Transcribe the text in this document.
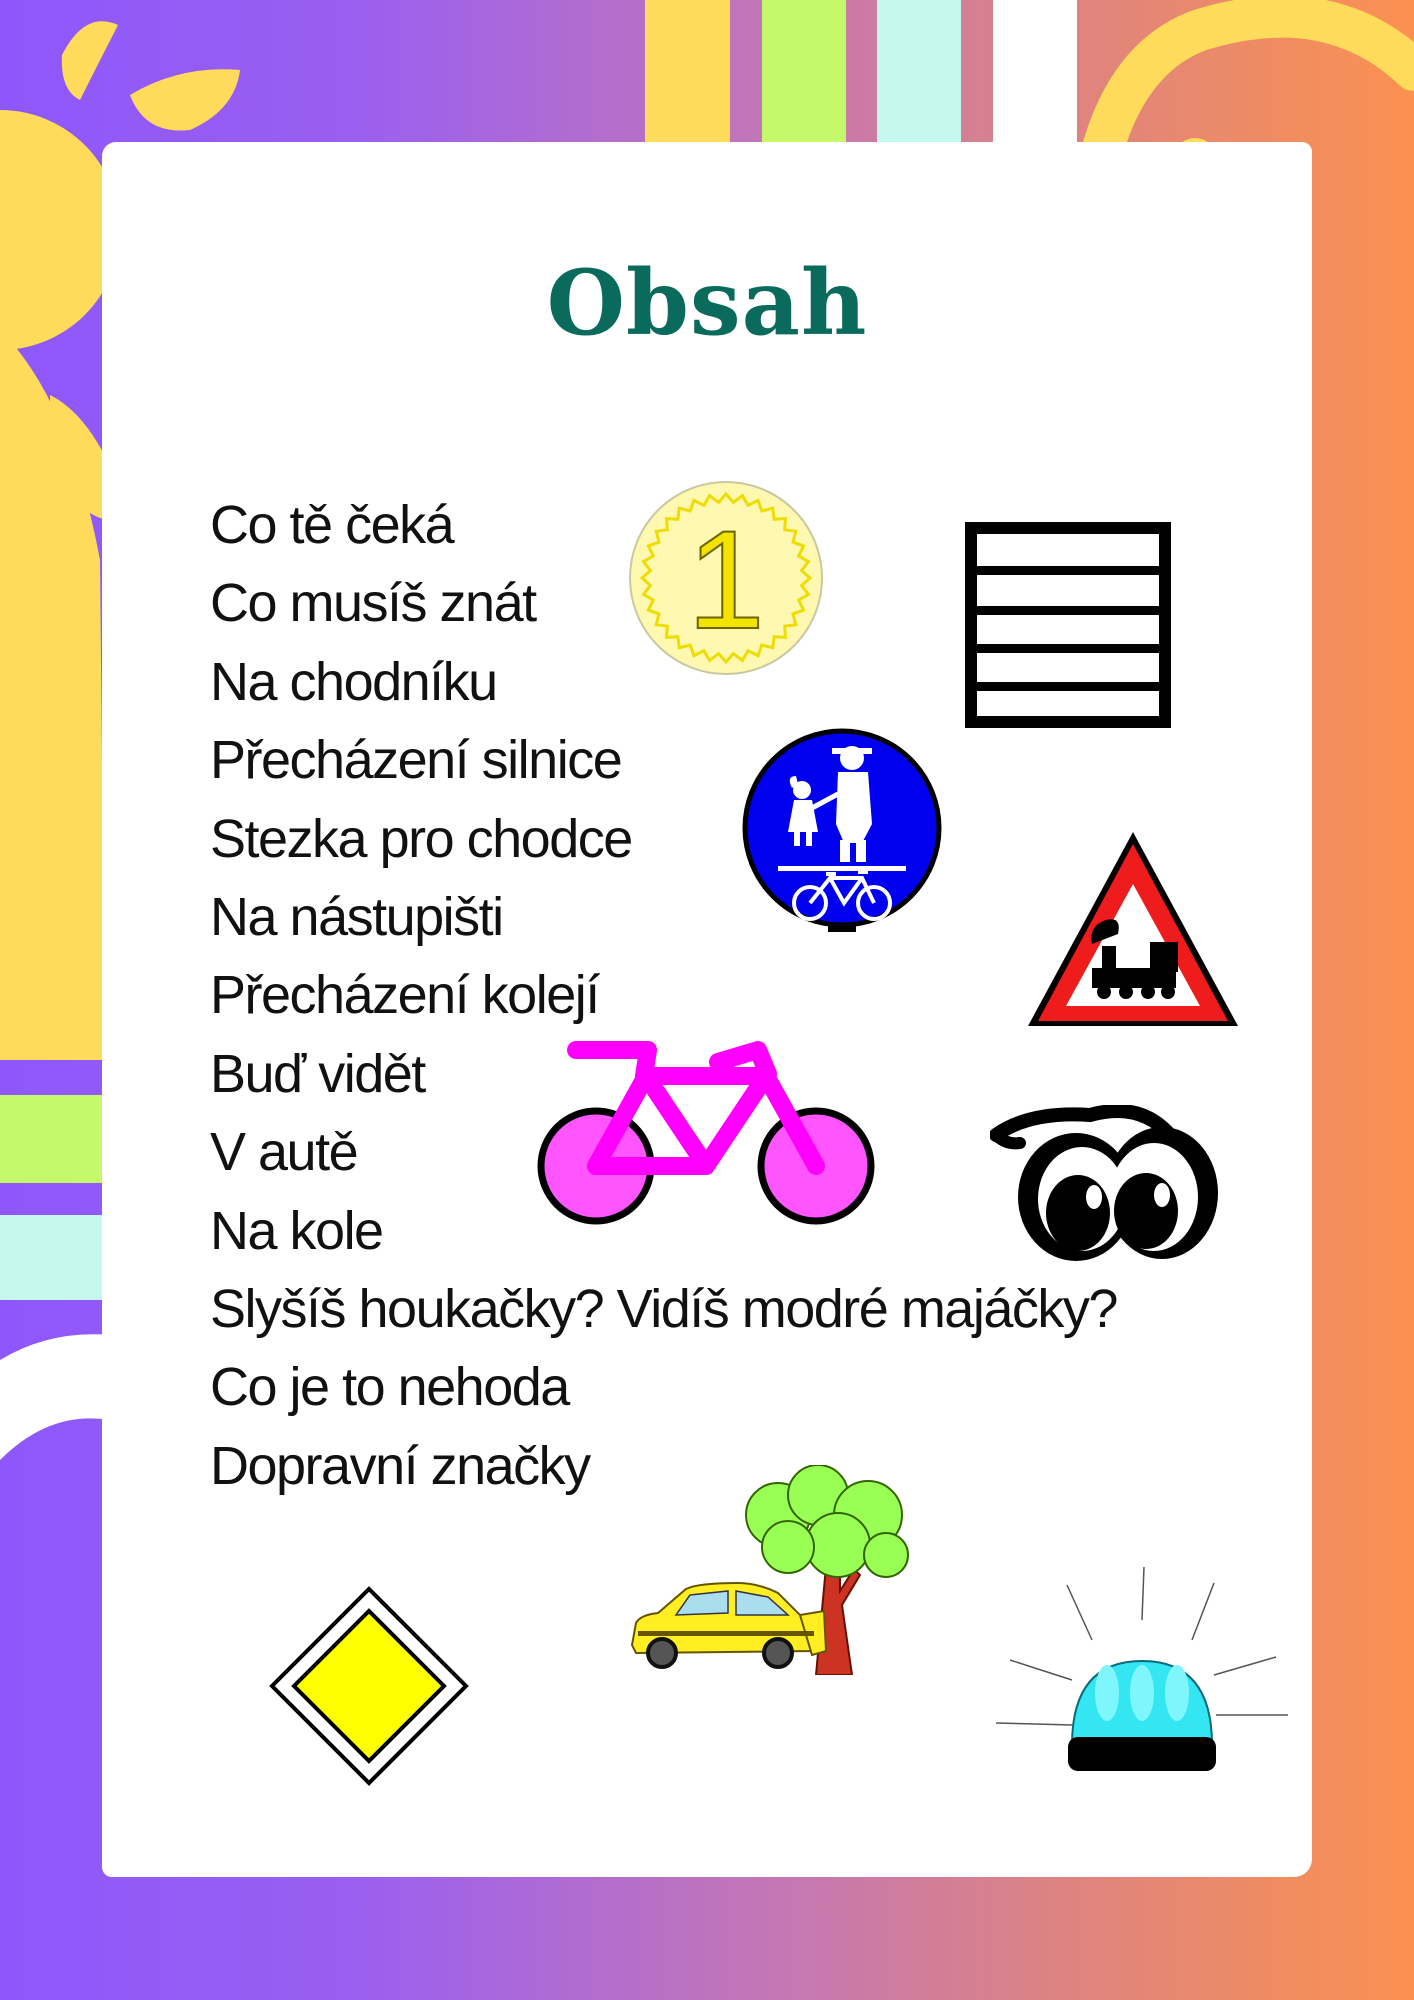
Obsah
Co tě čeká
Co musíš znát
Na chodníku
Přecházení silnice
Stezka pro chodce
Na nástupišti
Přecházení kolejí
Buď vidět
V autě
Na kole
Slyšíš houkačky? Vidíš modré majáčky?
Co je to nehoda
Dopravní značky
1
